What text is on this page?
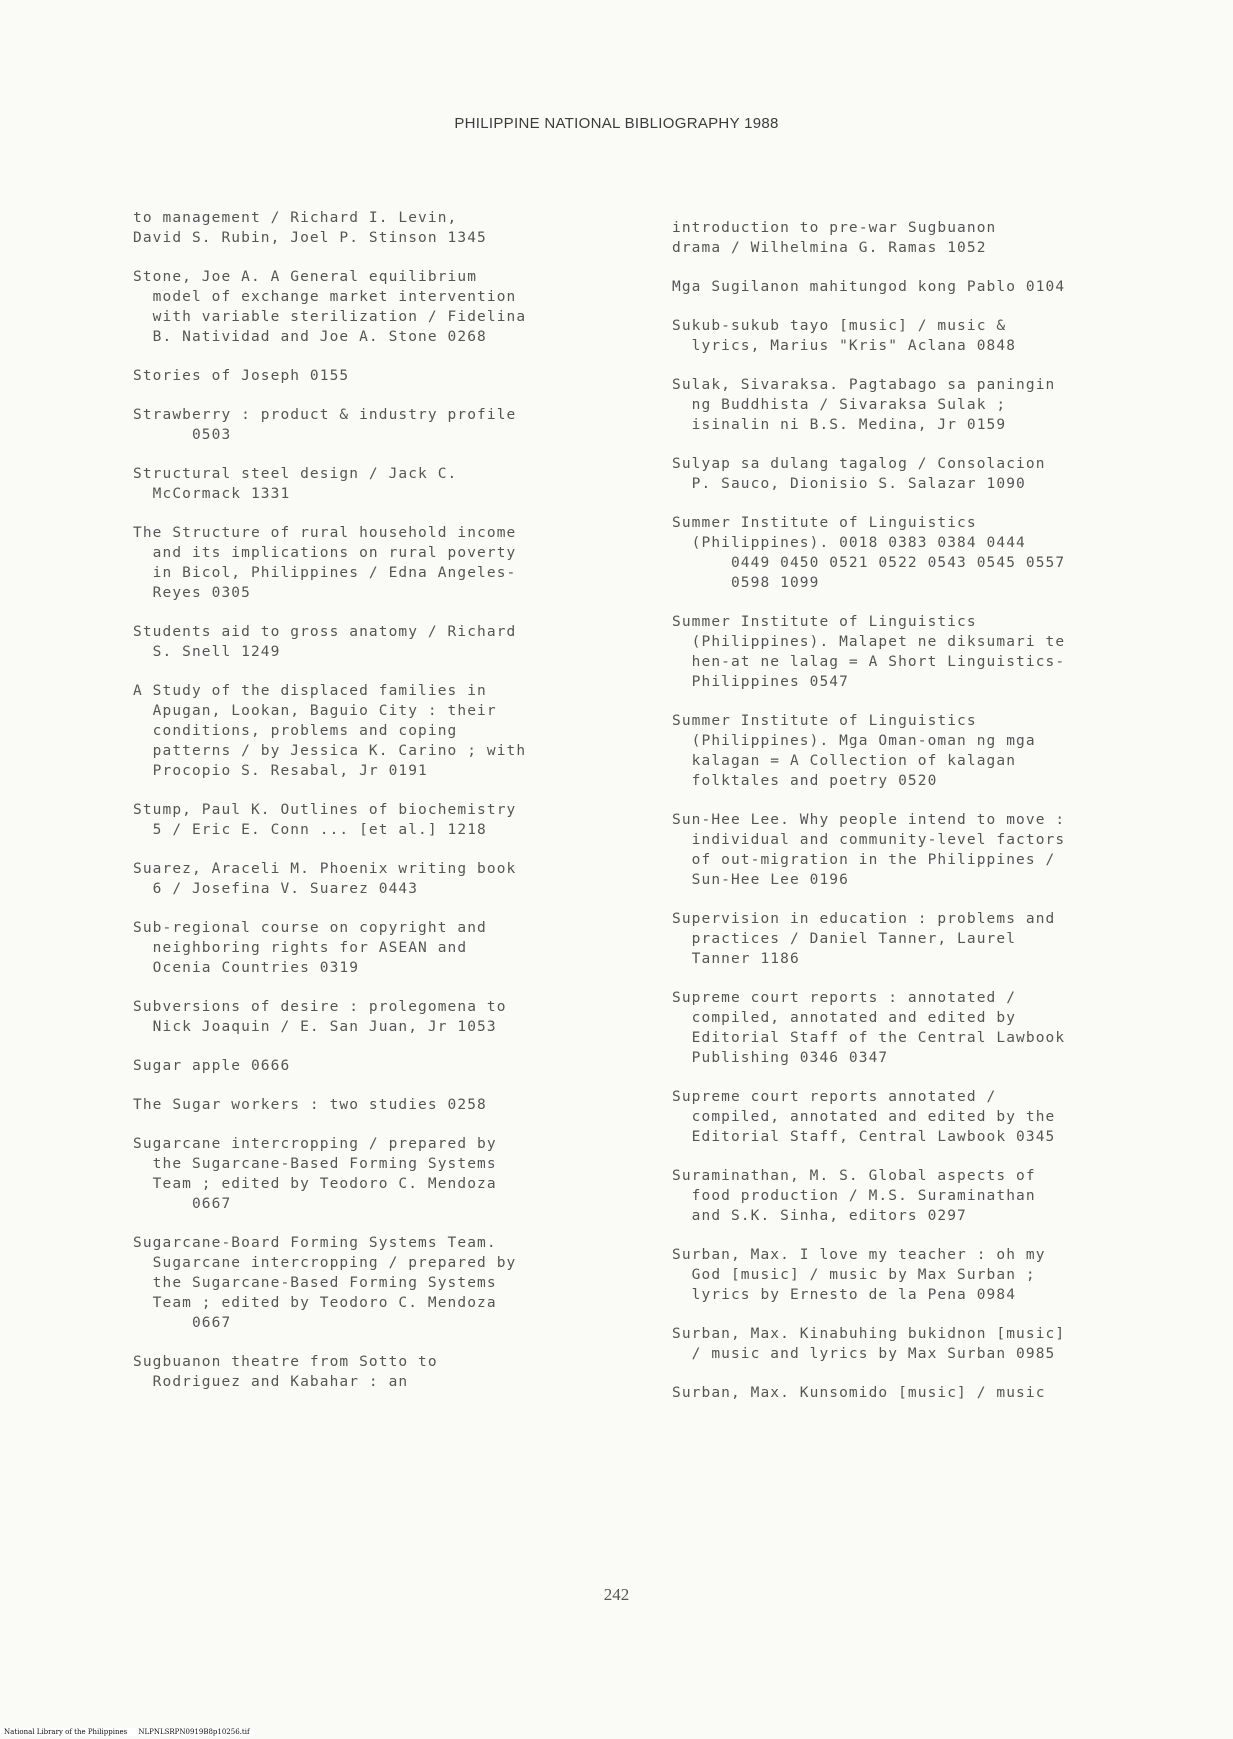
PHILIPPINE NATIONAL BIBLIOGRAPHY 1988
to management / Richard I. Levin,
David S. Rubin, Joel P. Stinson 1345
Stone, Joe A. A General equilibrium
model of exchange market intervention
with variable sterilization / Fidelina
B. Natividad and Joe A. Stone 0268
Stories of Joseph 0155
Strawberry : product & industry profile
0503
Structural steel design / Jack C.
McCormack 1331
The Structure of rural household income
and its implications on rural poverty
in Bicol, Philippines / Edna Angeles-
Reyes 0305
Students aid to gross anatomy / Richard
S. Snell 1249
A Study of the displaced families in
Apugan, Lookan, Baguio City : their
conditions, problems and coping
patterns / by Jessica K. Carino ; with
Procopio S. Resabal, Jr 0191
Stump, Paul K. Outlines of biochemistry
5 / Eric E. Conn ... [et al.] 1218
Suarez, Araceli M. Phoenix writing book
6 / Josefina V. Suarez 0443
Sub-regional course on copyright and
neighboring rights for ASEAN and
Ocenia Countries 0319
Subversions of desire : prolegomena to
Nick Joaquin / E. San Juan, Jr 1053
Sugar apple 0666
The Sugar workers : two studies 0258
Sugarcane intercropping / prepared by
the Sugarcane-Based Forming Systems
Team ; edited by Teodoro C. Mendoza
0667
Sugarcane-Board Forming Systems Team.
Sugarcane intercropping / prepared by
the Sugarcane-Based Forming Systems
Team ; edited by Teodoro C. Mendoza
0667
Sugbuanon theatre from Sotto to
Rodriguez and Kabahar : an
introduction to pre-war Sugbuanon
drama / Wilhelmina G. Ramas 1052
Mga Sugilanon mahitungod kong Pablo 0104
Sukub-sukub tayo [music] / music &
lyrics, Marius "Kris" Aclana 0848
Sulak, Sivaraksa. Pagtabago sa paningin
ng Buddhista / Sivaraksa Sulak ;
isinalin ni B.S. Medina, Jr 0159
Sulyap sa dulang tagalog / Consolacion
P. Sauco, Dionisio S. Salazar 1090
Summer Institute of Linguistics
(Philippines). 0018 0383 0384 0444
0449 0450 0521 0522 0543 0545 0557
0598 1099
Summer Institute of Linguistics
(Philippines). Malapet ne diksumari te
hen-at ne lalag = A Short Linguistics-
Philippines 0547
Summer Institute of Linguistics
(Philippines). Mga Oman-oman ng mga
kalagan = A Collection of kalagan
folktales and poetry 0520
Sun-Hee Lee. Why people intend to move :
individual and community-level factors
of out-migration in the Philippines /
Sun-Hee Lee 0196
Supervision in education : problems and
practices / Daniel Tanner, Laurel
Tanner 1186
Supreme court reports : annotated /
compiled, annotated and edited by
Editorial Staff of the Central Lawbook
Publishing 0346 0347
Supreme court reports annotated /
compiled, annotated and edited by the
Editorial Staff, Central Lawbook 0345
Suraminathan, M. S. Global aspects of
food production / M.S. Suraminathan
and S.K. Sinha, editors 0297
Surban, Max. I love my teacher : oh my
God [music] / music by Max Surban ;
lyrics by Ernesto de la Pena 0984
Surban, Max. Kinabuhing bukidnon [music]
/ music and lyrics by Max Surban 0985
Surban, Max. Kunsomido [music] / music
242
National Library of the Philippines     NLPNLSRPN0919B8p10256.tif
